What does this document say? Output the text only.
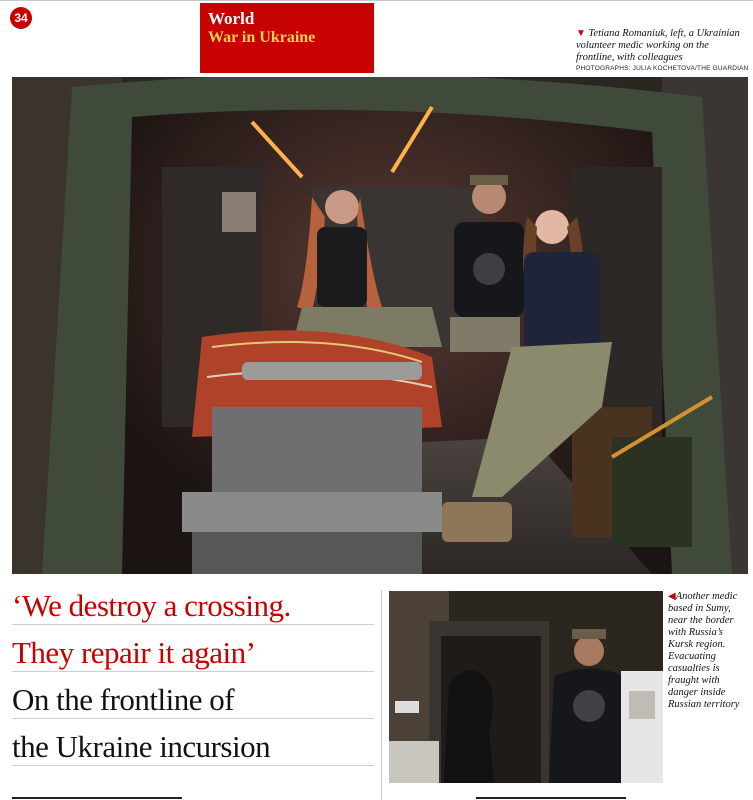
34	World
War in Ukraine	▼ Tetiana Romaniuk, left, a Ukrainian volunteer medic working on the frontline, with colleagues
PHOTOGRAPHS: JULIA KOCHETOVA/THE GUARDIAN
‘We destroy a crossing.
They repair it again’
On the frontline of
the Ukraine incursion
◀Another medic based in Sumy, near the border with Russia’s Kursk region. Evacuating casualties is fraught with danger inside Russian territory
